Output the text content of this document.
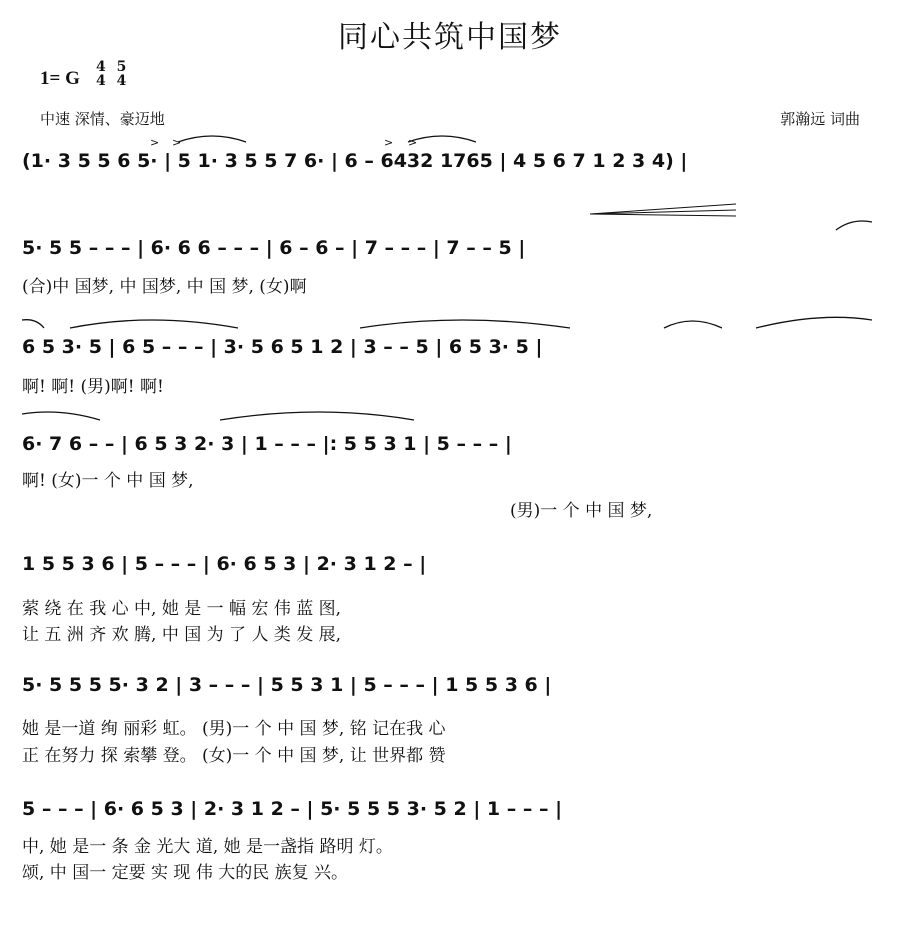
同心共筑中国梦
1= G
4
4

5
4
中速 深情、豪迈地	郭瀚远 词曲
(1· 3 5 5 6 5· | 5 1· 3 5 5 7 6· | 6 – 6432 1765 | 4 5 6 7 1 2 3 4) |
5· 5 5 – – – | 6· 6 6 – – – | 6 – 6 – | 7 – – – | 7 – – 5 |
(合)中 国梦, 中 国梦, 中 国 梦, (女)啊
6 5 3· 5 | 6 5 – – – | 3· 5 6 5 1 2 | 3 – – 5 | 6 5 3· 5 |
啊! 啊! (男)啊! 啊!
6· 7 6 – – | 6 5 3 2· 3 | 1 – – – |: 5 5 3 1 | 5 – – – |
啊! (女)一 个 中 国 梦,
(男)一 个 中 国 梦,
1 5 5 3 6 | 5 – – – | 6· 6 5 3 | 2· 3 1 2 – |
萦 绕 在 我 心 中, 她 是 一 幅 宏 伟 蓝 图,
让 五 洲 齐 欢 腾, 中 国 为 了 人 类 发 展,
5· 5 5 5 5· 3 2 | 3 – – – | 5 5 3 1 | 5 – – – | 1 5 5 3 6 |
她 是一道 绚 丽彩 虹。 (男)一 个 中 国 梦, 铭 记在我 心
正 在努力 探 索攀 登。 (女)一 个 中 国 梦, 让 世界都 赞
5 – – – | 6· 6 5 3 | 2· 3 1 2 – | 5· 5 5 5 3· 5 2 | 1 – – – |
中, 她 是一 条 金 光大 道, 她 是一盏指 路明 灯。
颂, 中 国一 定要 实 现 伟 大的民 族复 兴。
> >	> >
